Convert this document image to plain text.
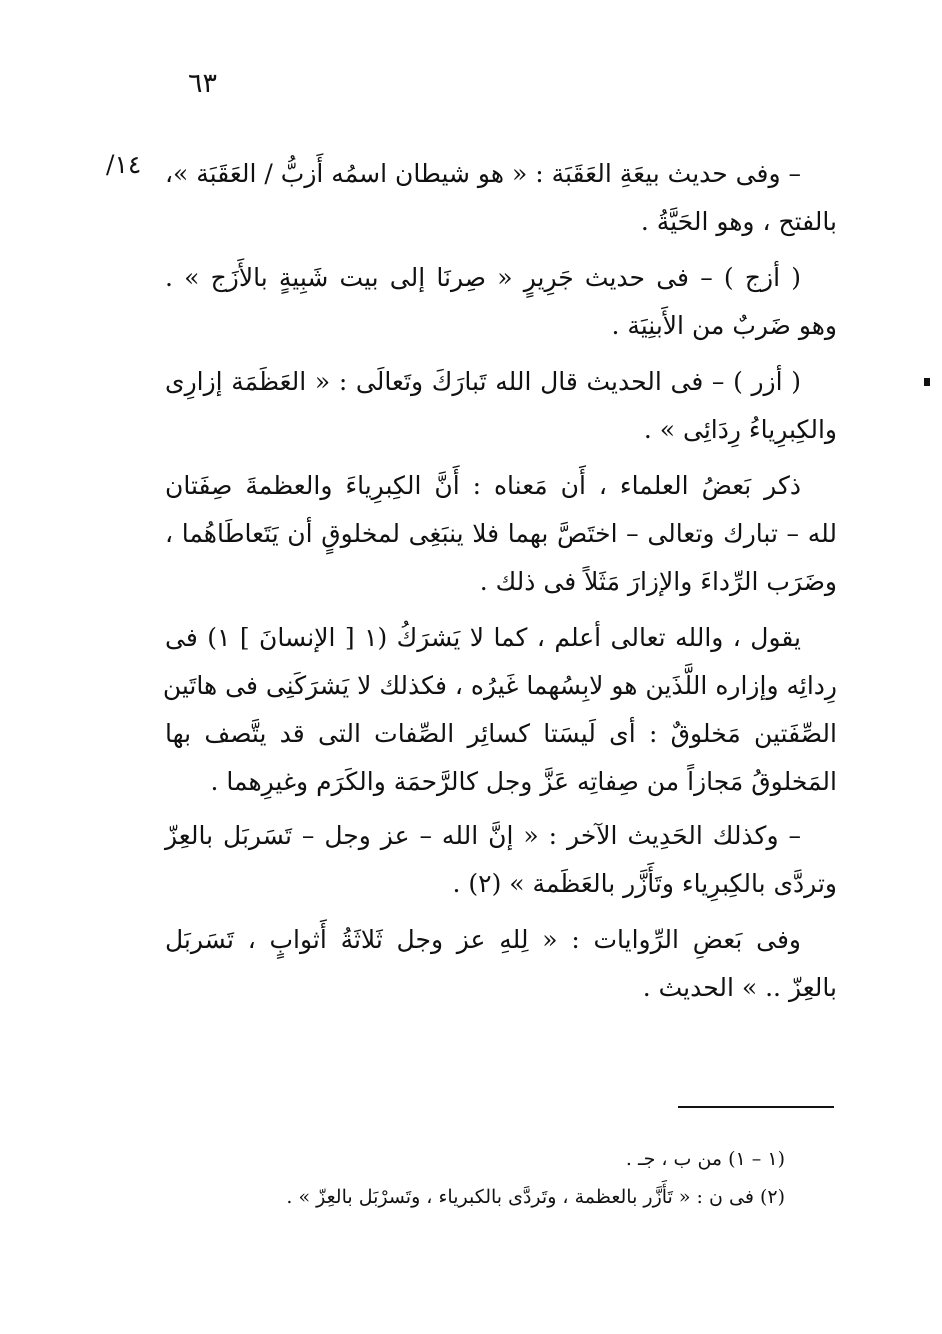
٦٣
١٤/ – وفى حديث بيعَةِ العَقَبَة : « هو شيطان اسمُه أَزبُّ / العَقَبَة »،
بالفتح ، وهو الحَيَّةُ .
( أزج ) – فى حديث جَرِيرٍ « صِرنَا إلى بيت شَبِيةٍ بالأَزَج » .
وهو ضَربٌ من الأَبنِيَة .
( أزر ) – فى الحديث قال الله تَبارَكَ وتَعالَى : « العَظَمَة إزارِى
والكِبرِياءُ رِدَائِى » .
ذكر بَعضُ العلماء ، أَن مَعناه : أَنَّ الكِبرِياءَ والعظمةَ صِفَتان
لله – تبارك وتعالى – اختَصَّ بهما فلا ينبَغِى لمخلوقٍ أن يَتَعاطَاهُما ،
وضَرَب الرِّداءَ والإزارَ مَثَلاً فى ذلك .
يقول ، والله تعالى أعلم ، كما لا يَشرَكُ (١ [ الإنسانَ ] ١) فى
رِدائِه وإزاره اللَّذَين هو لابِسُهما غَيرُه ، فكذلك لا يَشرَكَنِى فى هاتَين
الصِّفَتين مَخلوقٌ : أى لَيسَتا كسائِر الصِّفات التى قد يتَّصف بها
المَخلوقُ مَجازاً من صِفاتِه عَزَّ وجل كالرَّحمَة والكَرَم وغيرِهما .
– وكذلك الحَدِيث الآخر : « إنَّ الله – عز وجل – تَسَربَل بالعِزّ
وتردَّى بالكِبرِياء وتَأَزَّر بالعَظَمة » (٢) .
وفى بَعضِ الرِّوايات : « لِلهِ عز وجل ثَلاثَةُ أَثوابٍ ، تَسَربَل
بالعِزّ .. » الحديث .
(١ – ١) من ب ، جـ .
(٢) فى ن : « تَأَزَّر بالعظمة ، وتَردَّى بالكبرياء ، وتَسرْبَل بالعِزّ » .
